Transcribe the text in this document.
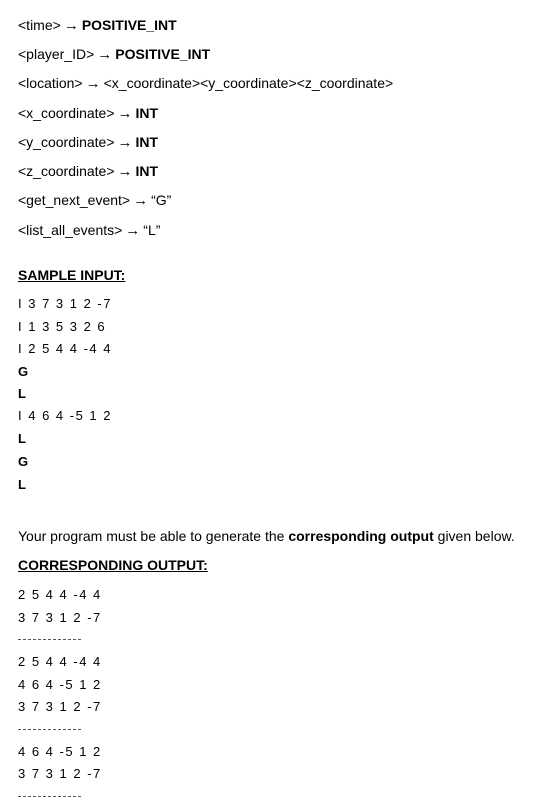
<time> → POSITIVE_INT
<player_ID> → POSITIVE_INT
<location> → <x_coordinate><y_coordinate><z_coordinate>
<x_coordinate> → INT
<y_coordinate> → INT
<z_coordinate> → INT
<get_next_event> → “G”
<list_all_events> → “L”
SAMPLE INPUT:
I 3 7 3 1 2 -7
I 1 3 5 3 2 6
I 2 5 4 4 -4 4
G
L
I 4 6 4 -5 1 2
L
G
L
Your program must be able to generate the corresponding output given below.
CORRESPONDING OUTPUT:
2 5 4 4 -4 4
3 7 3 1 2 -7
2 5 4 4 -4 4
4 6 4 -5 1 2
3 7 3 1 2 -7
4 6 4 -5 1 2
3 7 3 1 2 -7
